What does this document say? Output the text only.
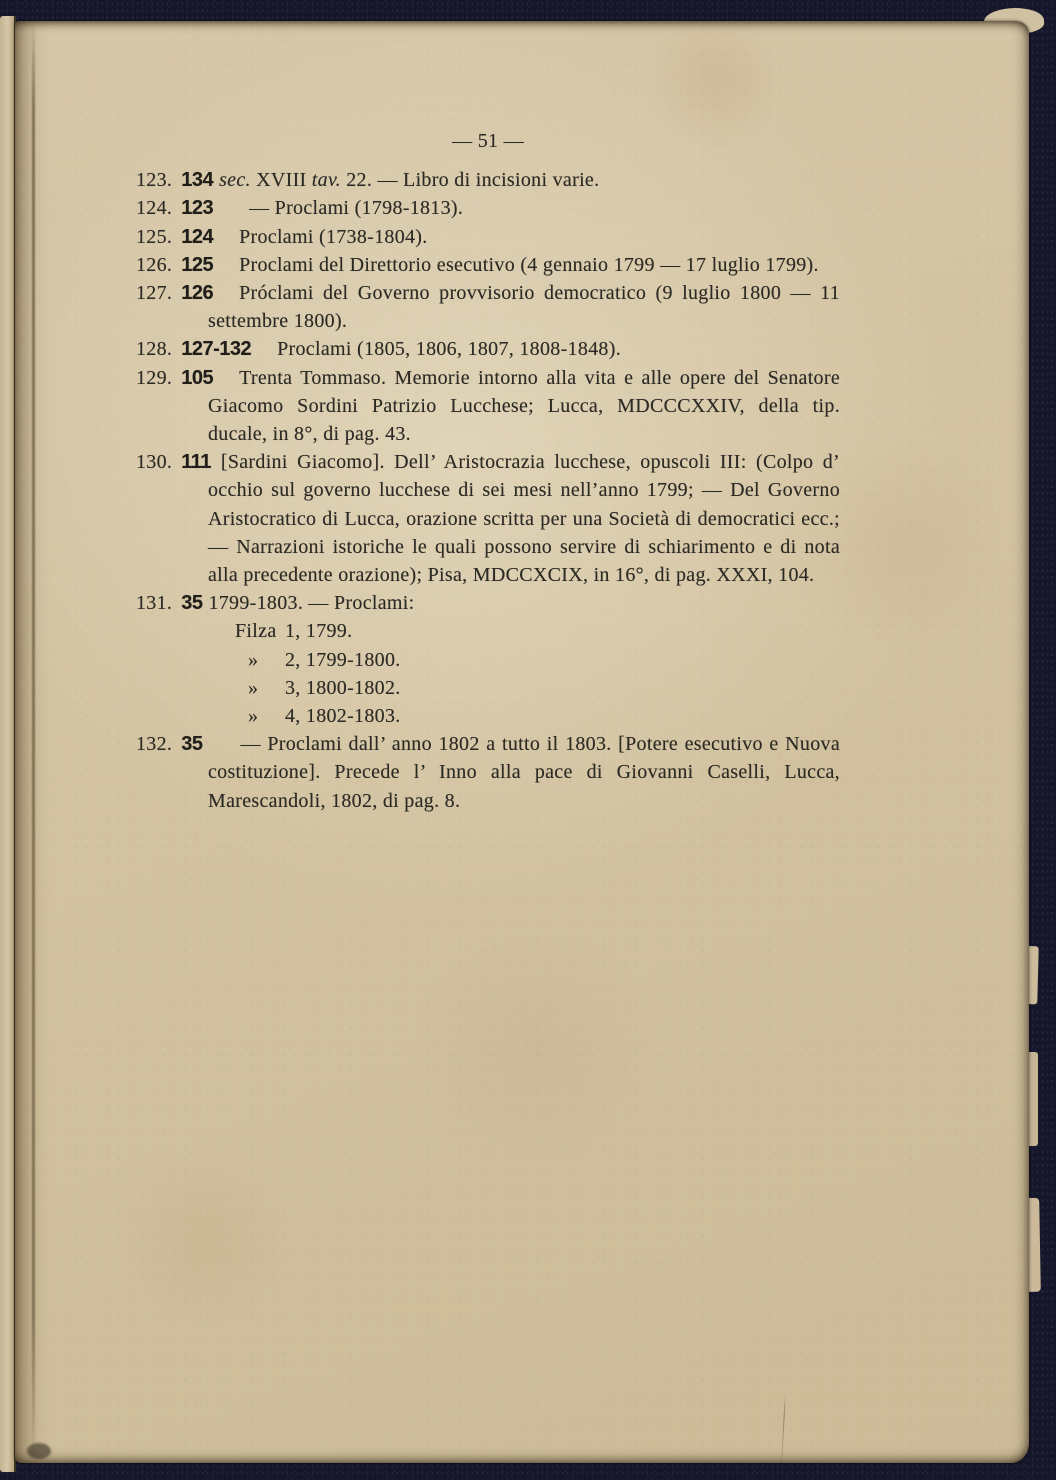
— 51 —
123. 134 sec. XVIII tav. 22. — Libro di incisioni varie.
124. 123 — Proclami (1798-1813).
125. 124 Proclami (1738-1804).
126. 125 Proclami del Direttorio esecutivo (4 gennaio 1799 — 17 luglio 1799).
127. 126 Próclami del Governo provvisorio democratico (9 luglio 1800 — 11 settembre 1800).
128. 127-132 Proclami (1805, 1806, 1807, 1808-1848).
129. 105 Trenta Tommaso. Memorie intorno alla vita e alle opere del Senatore Giacomo Sordini Patrizio Lucchese; Lucca, MDCCCXXIV, della tip. ducale, in 8°, di pag. 43.
130. 111 [Sardini Giacomo]. Dell’ Aristocrazia lucchese, opuscoli III: (Colpo d’ occhio sul governo lucchese di sei mesi nell’anno 1799; — Del Governo Aristocratico di Lucca, orazione scritta per una Società di democratici ecc.; — Narrazioni istoriche le quali possono servire di schiarimento e di nota alla precedente orazione); Pisa, MDCCXCIX, in 16°, di pag. XXXI, 104.
131. 35 1799-1803. — Proclami:
Filza 1, 1799.
» 2, 1799-1800.
» 3, 1800-1802.
» 4, 1802-1803.
132. 35 — Proclami dall’ anno 1802 a tutto il 1803. [Potere esecutivo e Nuova costituzione]. Precede l’ Inno alla pace di Giovanni Caselli, Lucca, Marescandoli, 1802, di pag. 8.
